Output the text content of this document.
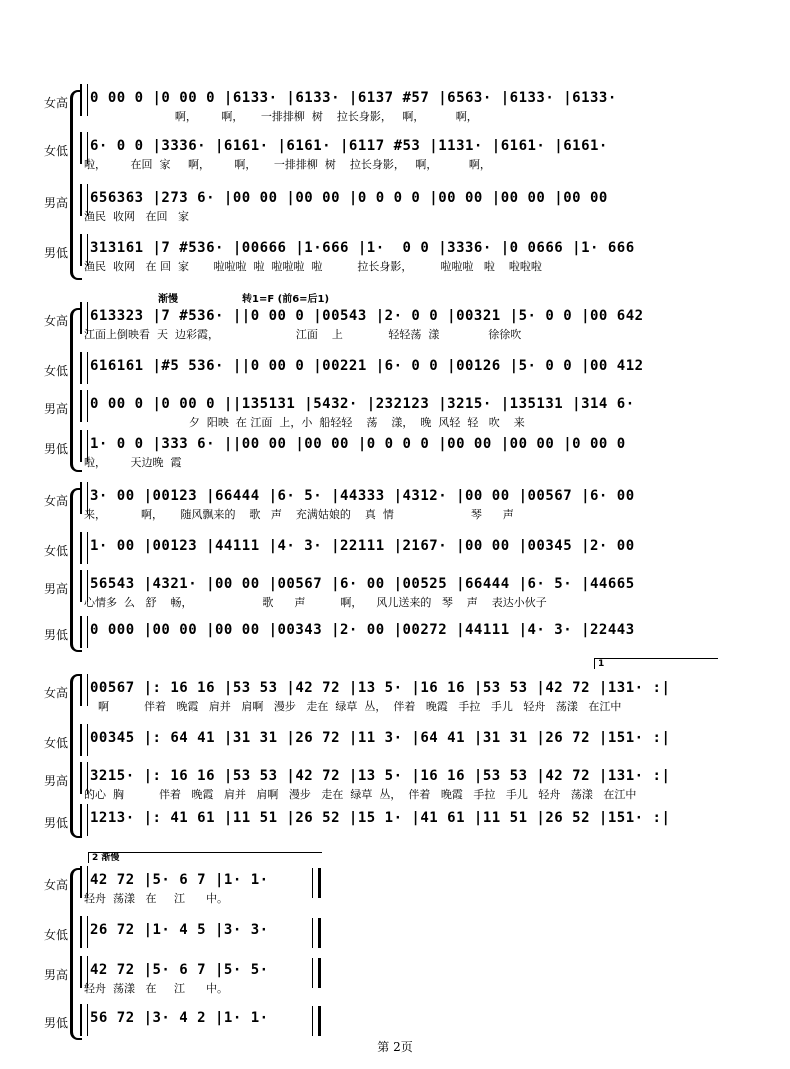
女高 0 00 0 |0 00 0 |6133· |6133· |6137 #57 |6563· |6133· |6133·
啊，       啊，     一排排柳  树    拉长身影，   啊，         啊，
女低 6· 0 0 |3336· |6161· |6161· |6117 #53 |1131· |6161· |6161·
啦，       在回  家     啊，       啊，     一排排柳  树    拉长身影，   啊，         啊，
男高 656363 |273 6· |00 00 |00 00 |0 0 0 0 |00 00 |00 00 |00 00
渔民  收网   在回   家
男低 313161 |7 #536· |00666 |1·666 |1·  0 0 |3336· |0 0666 |1· 666
渔民  收网   在 回  家       啦啦啦  啦  啦啦啦  啦          拉长身影，        啦啦啦   啦    啦啦啦
渐慢	转1=F (前6=后1)
女高 613323 |7 #536· ||0 00 0 |00543 |2· 0 0 |00321 |5· 0 0 |00 642
江面上倒映看  天  边彩霞，                      江面    上             轻轻荡  漾              徐徐吹
女低 616161 |#5 536· ||0 00 0 |00221 |6· 0 0 |00126 |5· 0 0 |00 412
男高 0 00 0 |0 00 0 ||135131 |5432· |232123 |3215· |135131 |314 6·
夕  阳映  在 江面  上，小  船轻轻    荡    漾，  晚  风轻  轻   吹    来
男低 1· 0 0 |333 6· ||00 00 |00 00 |0 0 0 0 |00 00 |00 00 |0 00 0
啦，       天边晚  霞
女高 3· 00 |00123 |66444 |6· 5· |44333 |4312· |00 00 |00567 |6· 00
来，          啊，     随风飘来的    歌   声    充满姑娘的    真  情                      琴      声
女低 1· 00 |00123 |44111 |4· 3· |22111 |2167· |00 00 |00345 |2· 00
男高 56543 |4321· |00 00 |00567 |6· 00 |00525 |66444 |6· 5· |44665
心情多  么   舒    畅，                    歌      声          啊，    风儿送来的   琴    声    表达小伙子
男低 0 000 |00 00 |00 00 |00343 |2· 00 |00272 |44111 |4· 3· |22443
1
女高 00567 |: 16 16 |53 53 |42 72 |13 5· |16 16 |53 53 |42 72 |131· :|
啊          伴着   晚霞   肩并   肩啊   漫步   走在  绿草  丛，  伴着   晚霞   手拉   手儿   轻舟   荡漾   在江中
女低 00345 |: 64 41 |31 31 |26 72 |11 3· |64 41 |31 31 |26 72 |151· :|
男高 3215· |: 16 16 |53 53 |42 72 |13 5· |16 16 |53 53 |42 72 |131· :|
的心  胸          伴着   晚霞   肩并   肩啊   漫步   走在  绿草  丛，  伴着   晚霞   手拉   手儿   轻舟   荡漾   在江中
男低 1213· |: 41 61 |11 51 |26 52 |15 1· |41 61 |11 51 |26 52 |151· :|
2 渐慢
女高 42 72 |5· 6 7 |1· 1·
轻舟  荡漾   在     江      中。
女低 26 72 |1· 4 5 |3· 3·
男高 42 72 |5· 6 7 |5· 5·
轻舟  荡漾   在     江      中。
男低 56 72 |3· 4 2 |1· 1·
第 2页
